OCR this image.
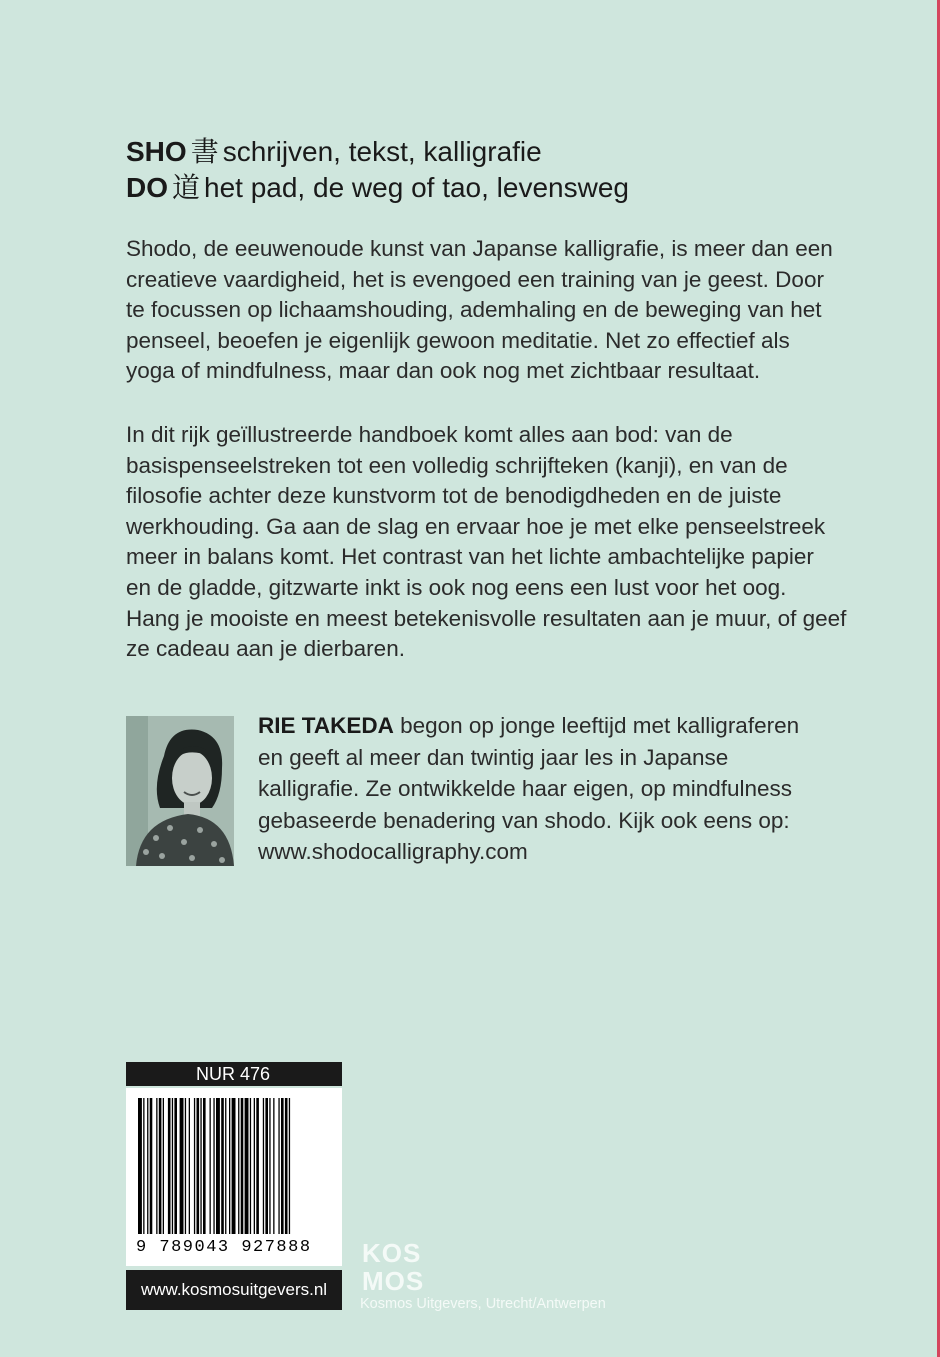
SHO 書 schrijven, tekst, kalligrafie
DO 道 het pad, de weg of tao, levensweg
Shodo, de eeuwenoude kunst van Japanse kalligrafie, is meer dan een
creatieve vaardigheid, het is evengoed een training van je geest. Door
te focussen op lichaamshouding, ademhaling en de beweging van het
penseel, beoefen je eigenlijk gewoon meditatie. Net zo effectief als
yoga of mindfulness, maar dan ook nog met zichtbaar resultaat.
In dit rijk geïllustreerde handboek komt alles aan bod: van de
basispenseelstreken tot een volledig schrijfteken (kanji), en van de
filosofie achter deze kunstvorm tot de benodigdheden en de juiste
werkhouding. Ga aan de slag en ervaar hoe je met elke penseelstreek
meer in balans komt. Het contrast van het lichte ambachtelijke papier
en de gladde, gitzwarte inkt is ook nog eens een lust voor het oog.
Hang je mooiste en meest betekenisvolle resultaten aan je muur, of geef
ze cadeau aan je dierbaren.
RIE TAKEDA begon op jonge leeftijd met kalligraferen
en geeft al meer dan twintig jaar les in Japanse
kalligrafie. Ze ontwikkelde haar eigen, op mindfulness
gebaseerde benadering van shodo. Kijk ook eens op:
www.shodocalligraphy.com
NUR 476
9 789043 927888
www.kosmosuitgevers.nl
KOS
MOS
Kosmos Uitgevers, Utrecht/Antwerpen
